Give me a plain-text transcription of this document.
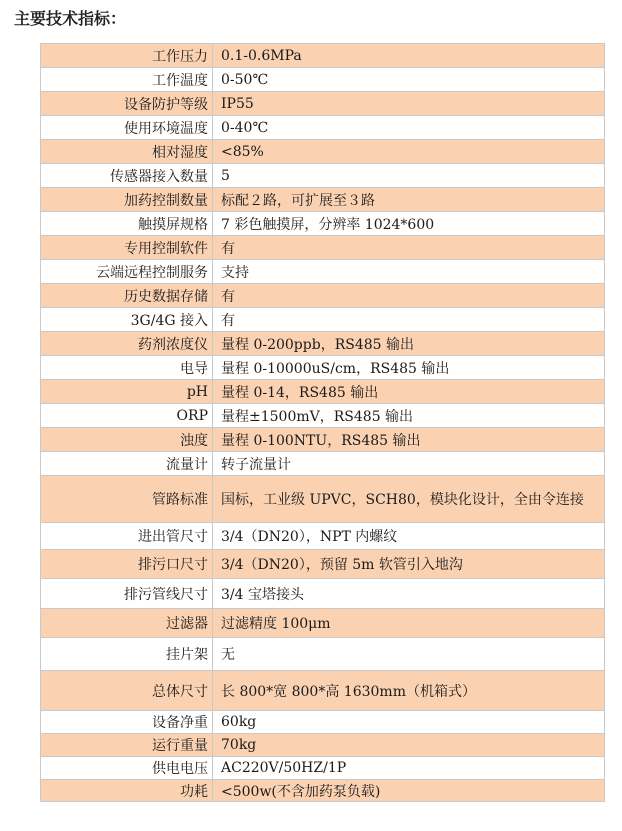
主要技术指标：
工作压力	0.1-0.6MPa
工作温度	0-50℃
设备防护等级	IP55
使用环境温度	0-40℃
相对湿度	<85%
传感器接入数量	5
加药控制数量	标配２路，可扩展至３路
触摸屏规格	7 彩色触摸屏，分辨率 1024*600
专用控制软件	有
云端远程控制服务	支持
历史数据存储	有
3G/4G 接入	有
药剂浓度仪	量程 0-200ppb，RS485 输出
电导	量程 0-10000uS/cm，RS485 输出
pH	量程 0-14，RS485 输出
ORP	量程±1500mV，RS485 输出
浊度	量程 0-100NTU，RS485 输出
流量计	转子流量计
管路标准	国标，工业级 UPVC，SCH80，模块化设计，全由令连接
进出管尺寸	3/4（DN20），NPT 内螺纹
排污口尺寸	3/4（DN20），预留 5m 软管引入地沟
排污管线尺寸	3/4 宝塔接头
过滤器	过滤精度 100μm
挂片架	无
总体尺寸	长 800*宽 800*高 1630mm（机箱式）
设备净重	60kg
运行重量	70kg
供电电压	AC220V/50HZ/1P
功耗	<500w(不含加药泵负载)
